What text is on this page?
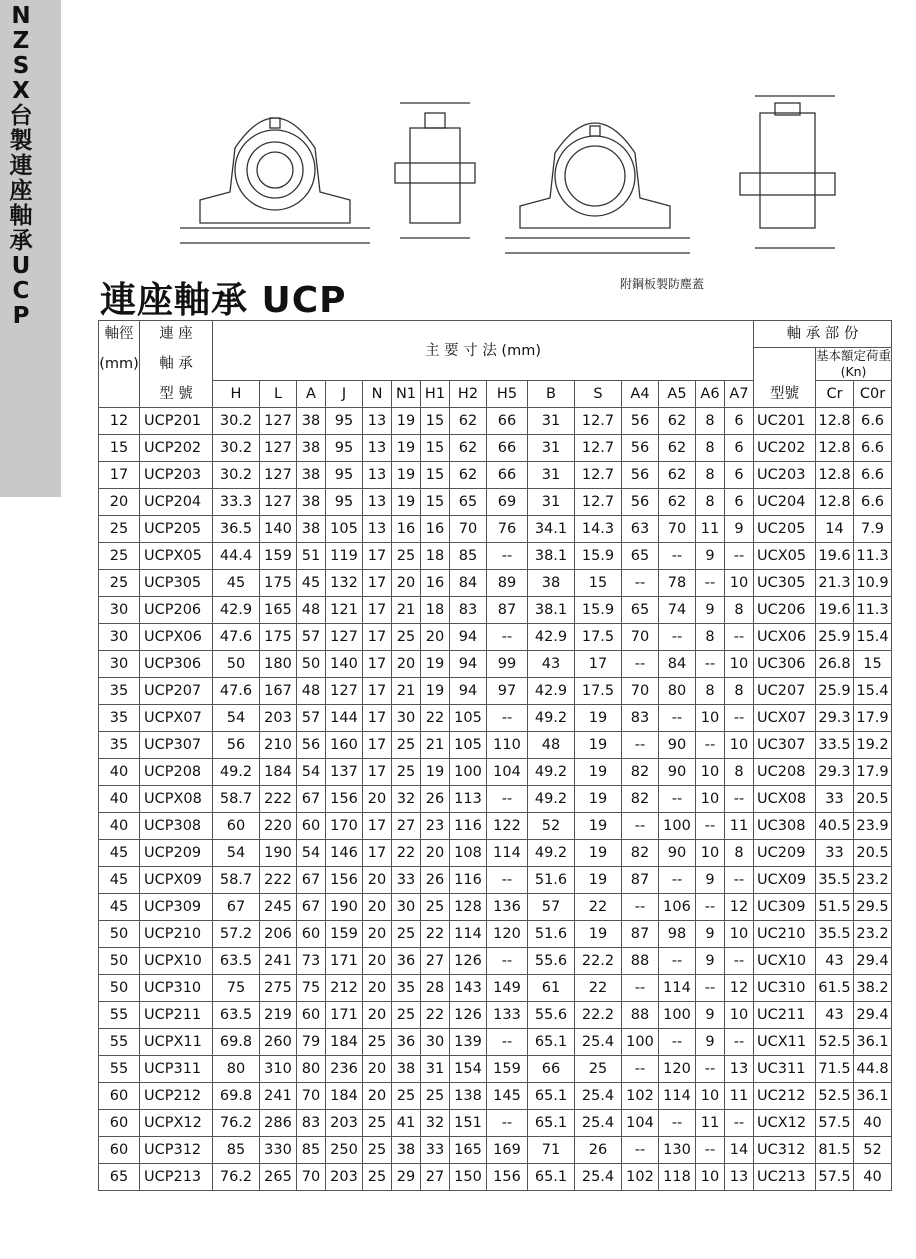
N
Z
S
X
台
製
連
座
軸
承
U
C
P
附鋼板製防塵蓋
連座軸承 UCP
軸徑	連 座	主 要 寸 法 (mm)															軸 承 部 份		
(mm)	軸 承																型號	基本額定荷重
(Kn)	
	型 號	H	L	A	J	N	N1	H1	H2	H5	B	S	A4	A5	A6	A7		Cr	C0r
12	UCP201	30.2	127	38	95	13	19	15	62	66	31	12.7	56	62	8	6	UC201	12.8	6.6
15	UCP202	30.2	127	38	95	13	19	15	62	66	31	12.7	56	62	8	6	UC202	12.8	6.6
17	UCP203	30.2	127	38	95	13	19	15	62	66	31	12.7	56	62	8	6	UC203	12.8	6.6
20	UCP204	33.3	127	38	95	13	19	15	65	69	31	12.7	56	62	8	6	UC204	12.8	6.6
25	UCP205	36.5	140	38	105	13	16	16	70	76	34.1	14.3	63	70	11	9	UC205	14	7.9
25	UCPX05	44.4	159	51	119	17	25	18	85	--	38.1	15.9	65	--	9	--	UCX05	19.6	11.3
25	UCP305	45	175	45	132	17	20	16	84	89	38	15	--	78	--	10	UC305	21.3	10.9
30	UCP206	42.9	165	48	121	17	21	18	83	87	38.1	15.9	65	74	9	8	UC206	19.6	11.3
30	UCPX06	47.6	175	57	127	17	25	20	94	--	42.9	17.5	70	--	8	--	UCX06	25.9	15.4
30	UCP306	50	180	50	140	17	20	19	94	99	43	17	--	84	--	10	UC306	26.8	15
35	UCP207	47.6	167	48	127	17	21	19	94	97	42.9	17.5	70	80	8	8	UC207	25.9	15.4
35	UCPX07	54	203	57	144	17	30	22	105	--	49.2	19	83	--	10	--	UCX07	29.3	17.9
35	UCP307	56	210	56	160	17	25	21	105	110	48	19	--	90	--	10	UC307	33.5	19.2
40	UCP208	49.2	184	54	137	17	25	19	100	104	49.2	19	82	90	10	8	UC208	29.3	17.9
40	UCPX08	58.7	222	67	156	20	32	26	113	--	49.2	19	82	--	10	--	UCX08	33	20.5
40	UCP308	60	220	60	170	17	27	23	116	122	52	19	--	100	--	11	UC308	40.5	23.9
45	UCP209	54	190	54	146	17	22	20	108	114	49.2	19	82	90	10	8	UC209	33	20.5
45	UCPX09	58.7	222	67	156	20	33	26	116	--	51.6	19	87	--	9	--	UCX09	35.5	23.2
45	UCP309	67	245	67	190	20	30	25	128	136	57	22	--	106	--	12	UC309	51.5	29.5
50	UCP210	57.2	206	60	159	20	25	22	114	120	51.6	19	87	98	9	10	UC210	35.5	23.2
50	UCPX10	63.5	241	73	171	20	36	27	126	--	55.6	22.2	88	--	9	--	UCX10	43	29.4
50	UCP310	75	275	75	212	20	35	28	143	149	61	22	--	114	--	12	UC310	61.5	38.2
55	UCP211	63.5	219	60	171	20	25	22	126	133	55.6	22.2	88	100	9	10	UC211	43	29.4
55	UCPX11	69.8	260	79	184	25	36	30	139	--	65.1	25.4	100	--	9	--	UCX11	52.5	36.1
55	UCP311	80	310	80	236	20	38	31	154	159	66	25	--	120	--	13	UC311	71.5	44.8
60	UCP212	69.8	241	70	184	20	25	25	138	145	65.1	25.4	102	114	10	11	UC212	52.5	36.1
60	UCPX12	76.2	286	83	203	25	41	32	151	--	65.1	25.4	104	--	11	--	UCX12	57.5	40
60	UCP312	85	330	85	250	25	38	33	165	169	71	26	--	130	--	14	UC312	81.5	52
65	UCP213	76.2	265	70	203	25	29	27	150	156	65.1	25.4	102	118	10	13	UC213	57.5	40
